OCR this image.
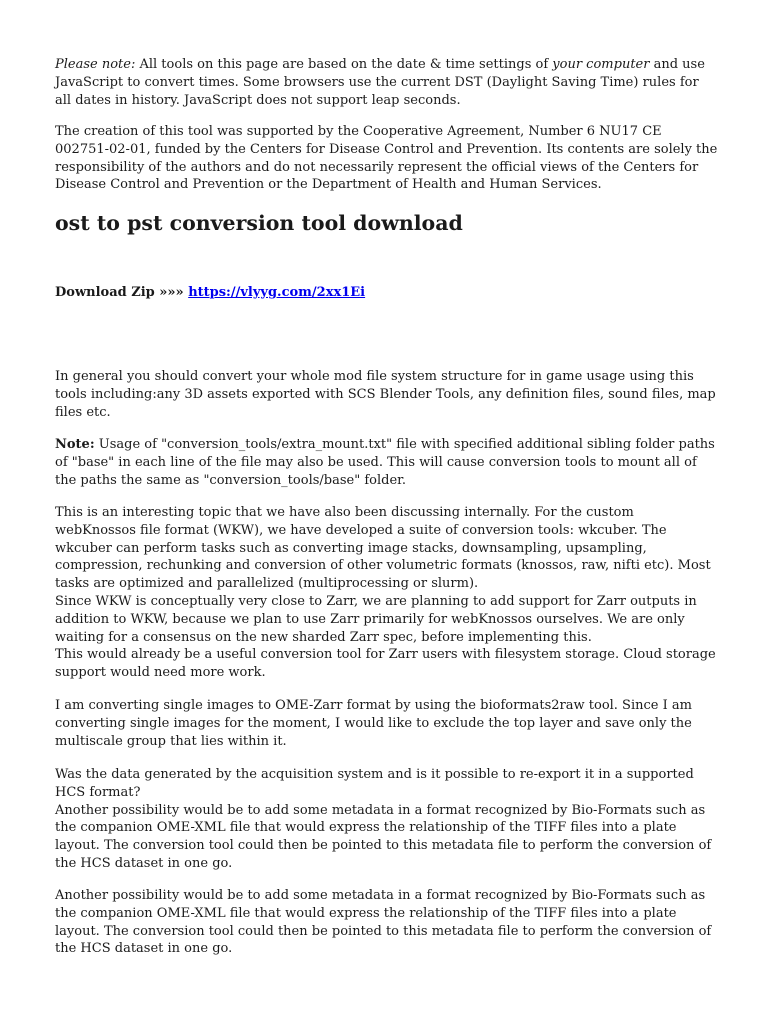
Please note: All tools on this page are based on the date & time settings of your computer and use JavaScript to convert times. Some browsers use the current DST (Daylight Saving Time) rules for all dates in history. JavaScript does not support leap seconds.

The creation of this tool was supported by the Cooperative Agreement, Number 6 NU17 CE 002751-02-01, funded by the Centers for Disease Control and Prevention. Its contents are solely the responsibility of the authors and do not necessarily represent the official views of the Centers for Disease Control and Prevention or the Department of Health and Human Services.

ost to pst conversion tool download
Download Zip »»» https://vlyyg.com/2xx1Ei

In general you should convert your whole mod file system structure for in game usage using this tools including:any 3D assets exported with SCS Blender Tools, any definition files, sound files, map files etc.

Note: Usage of "conversion_tools/extra_mount.txt" file with specified additional sibling folder paths of "base" in each line of the file may also be used. This will cause conversion tools to mount all of the paths the same as "conversion_tools/base" folder.

This is an interesting topic that we have also been discussing internally. For the custom webKnossos file format (WKW), we have developed a suite of conversion tools: wkcuber. The wkcuber can perform tasks such as converting image stacks, downsampling, upsampling, compression, rechunking and conversion of other volumetric formats (knossos, raw, nifti etc). Most tasks are optimized and parallelized (multiprocessing or slurm).

Since WKW is conceptually very close to Zarr, we are planning to add support for Zarr outputs in addition to WKW, because we plan to use Zarr primarily for webKnossos ourselves. We are only waiting for a consensus on the new sharded Zarr spec, before implementing this.

This would already be a useful conversion tool for Zarr users with filesystem storage. Cloud storage support would need more work.

I am converting single images to OME-Zarr format by using the bioformats2raw tool. Since I am converting single images for the moment, I would like to exclude the top layer and save only the multiscale group that lies within it.

Was the data generated by the acquisition system and is it possible to re-export it in a supported HCS format?

Another possibility would be to add some metadata in a format recognized by Bio-Formats such as the companion OME-XML file that would express the relationship of the TIFF files into a plate layout. The conversion tool could then be pointed to this metadata file to perform the conversion of the HCS dataset in one go.

Another possibility would be to add some metadata in a format recognized by Bio-Formats such as the companion OME-XML file that would express the relationship of the TIFF files into a plate layout. The conversion tool could then be pointed to this metadata file to perform the conversion of the HCS dataset in one go.
